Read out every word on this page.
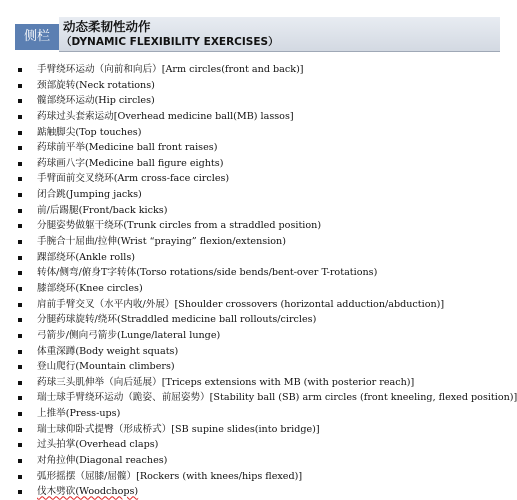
侧栏
动态柔韧性动作
（DYNAMIC FLEXIBILITY EXERCISES）
手臂绕环运动（向前和向后）[Arm circles(front and back)]
颈部旋转(Neck rotations)
髋部绕环运动(Hip circles)
药球过头套索运动[Overhead medicine ball(MB) lassos]
踮触脚尖(Top touches)
药球前平举(Medicine ball front raises)
药球画八字(Medicine ball figure eights)
手臂面前交叉绕环(Arm cross-face circles)
闭合跳(Jumping jacks)
前/后踢腿(Front/back kicks)
分腿姿势做躯干绕环(Trunk circles from a straddled position)
手腕合十屈曲/拉伸(Wrist “praying” flexion/extension)
踝部绕环(Ankle rolls)
转体/侧弯/俯身T字转体(Torso rotations/side bends/bent-over T-rotations)
膝部绕环(Knee circles)
肩前手臂交叉（水平内收/外展）[Shoulder crossovers (horizontal adduction/abduction)]
分腿药球旋转/绕环(Straddled medicine ball rollouts/circles)
弓箭步/侧向弓箭步(Lunge/lateral lunge)
体重深蹲(Body weight squats)
登山爬行(Mountain climbers)
药球三头肌伸举（向后延展）[Triceps extensions with MB (with posterior reach)]
瑞士球手臂绕环运动（跪姿、前屈姿势）[Stability ball (SB) arm circles (front kneeling, flexed position)]
上推举(Press-ups)
瑞士球仰卧式提臀（形成桥式）[SB supine slides(into bridge)]
过头拍掌(Overhead claps)
对角拉伸(Diagonal reaches)
弧形摇摆（屈膝/屈髋）[Rockers (with knees/hips flexed)]
伐木劈砍(Woodchops)
